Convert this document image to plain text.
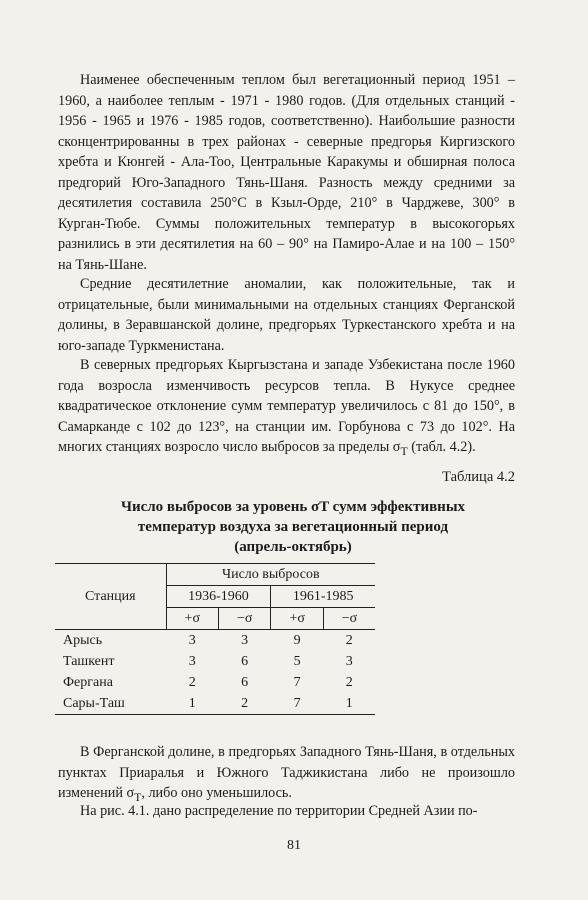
Наименее обеспеченным теплом был вегетационный период 1951 – 1960, а наиболее теплым - 1971 - 1980 годов. (Для отдельных станций - 1956 - 1965 и 1976 - 1985 годов, соответственно). Наибольшие разности сконцентрированны в трех районах - северные предгорья Киргизского хребта и Кюнгей - Ала-Тоо, Центральные Каракумы и обширная полоса предгорий Юго-Западного Тянь-Шаня. Разность между средними за десятилетия составила 250°С в Кзыл-Орде, 210° в Чарджеве, 300° в Курган-Тюбе. Суммы положительных температур в высокогорьях разнились в эти десятилетия на 60 – 90° на Памиро-Алае и на 100 – 150° на Тянь-Шане.

Средние десятилетние аномалии, как положительные, так и отрицательные, были минимальными на отдельных станциях Ферганской долины, в Зеравшанской долине, предгорьях Туркестанского хребта и на юго-западе Туркменистана.

В северных предгорьях Кыргызстана и западе Узбекистана после 1960 года возросла изменчивость ресурсов тепла. В Нукусе среднее квадратическое отклонение сумм температур увеличилось с 81 до 150°, в Самарканде с 102 до 123°, на станции им. Горбунова с 73 до 102°. На многих станциях возросло число выбросов за пределы $\sigma_T$ (табл. 4.2).

Таблица 4.2
Число выбросов за уровень σT сумм эффективных
температур воздуха за вегетационный период
(апрель-октябрь)
Станция	Число выбросов			
	1936-1960		1961-1985	
	+σ	−σ	+σ	−σ
Арысь	3	3	9	2
Ташкент	3	6	5	3
Фергана	2	6	7	2
Сары-Таш	1	2	7	1

В Ферганской долине, в предгорьях Западного Тянь-Шаня, в отдельных пунктах Приаралья и Южного Таджикистана либо не произошло изменений $\sigma_T$, либо оно уменьшилось.

На рис. 4.1. дано распределение по территории Средней Азии по-

81
